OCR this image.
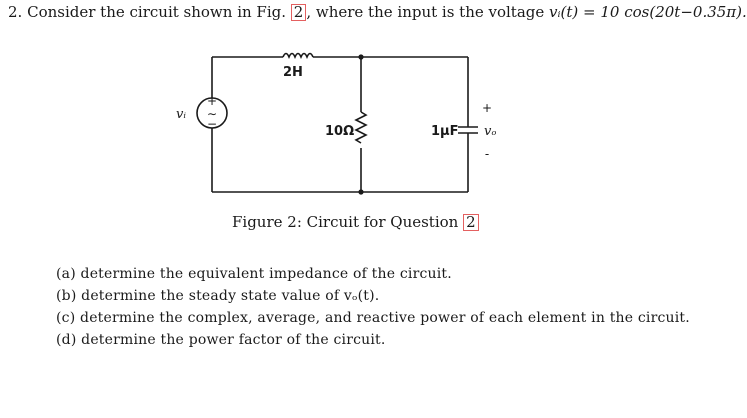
2. Consider the circuit shown in Fig. 2 , where the input is the voltage vᵢ(t) = 10 cos(20t−0.35π).
+
∼
−
vᵢ
2H
10Ω	1μF
+
vₒ
-
Figure 2: Circuit for Question 2
(a) determine the equivalent impedance of the circuit.
(b) determine the steady state value of vₒ(t).
(c) determine the complex, average, and reactive power of each element in the circuit.
(d) determine the power factor of the circuit.
